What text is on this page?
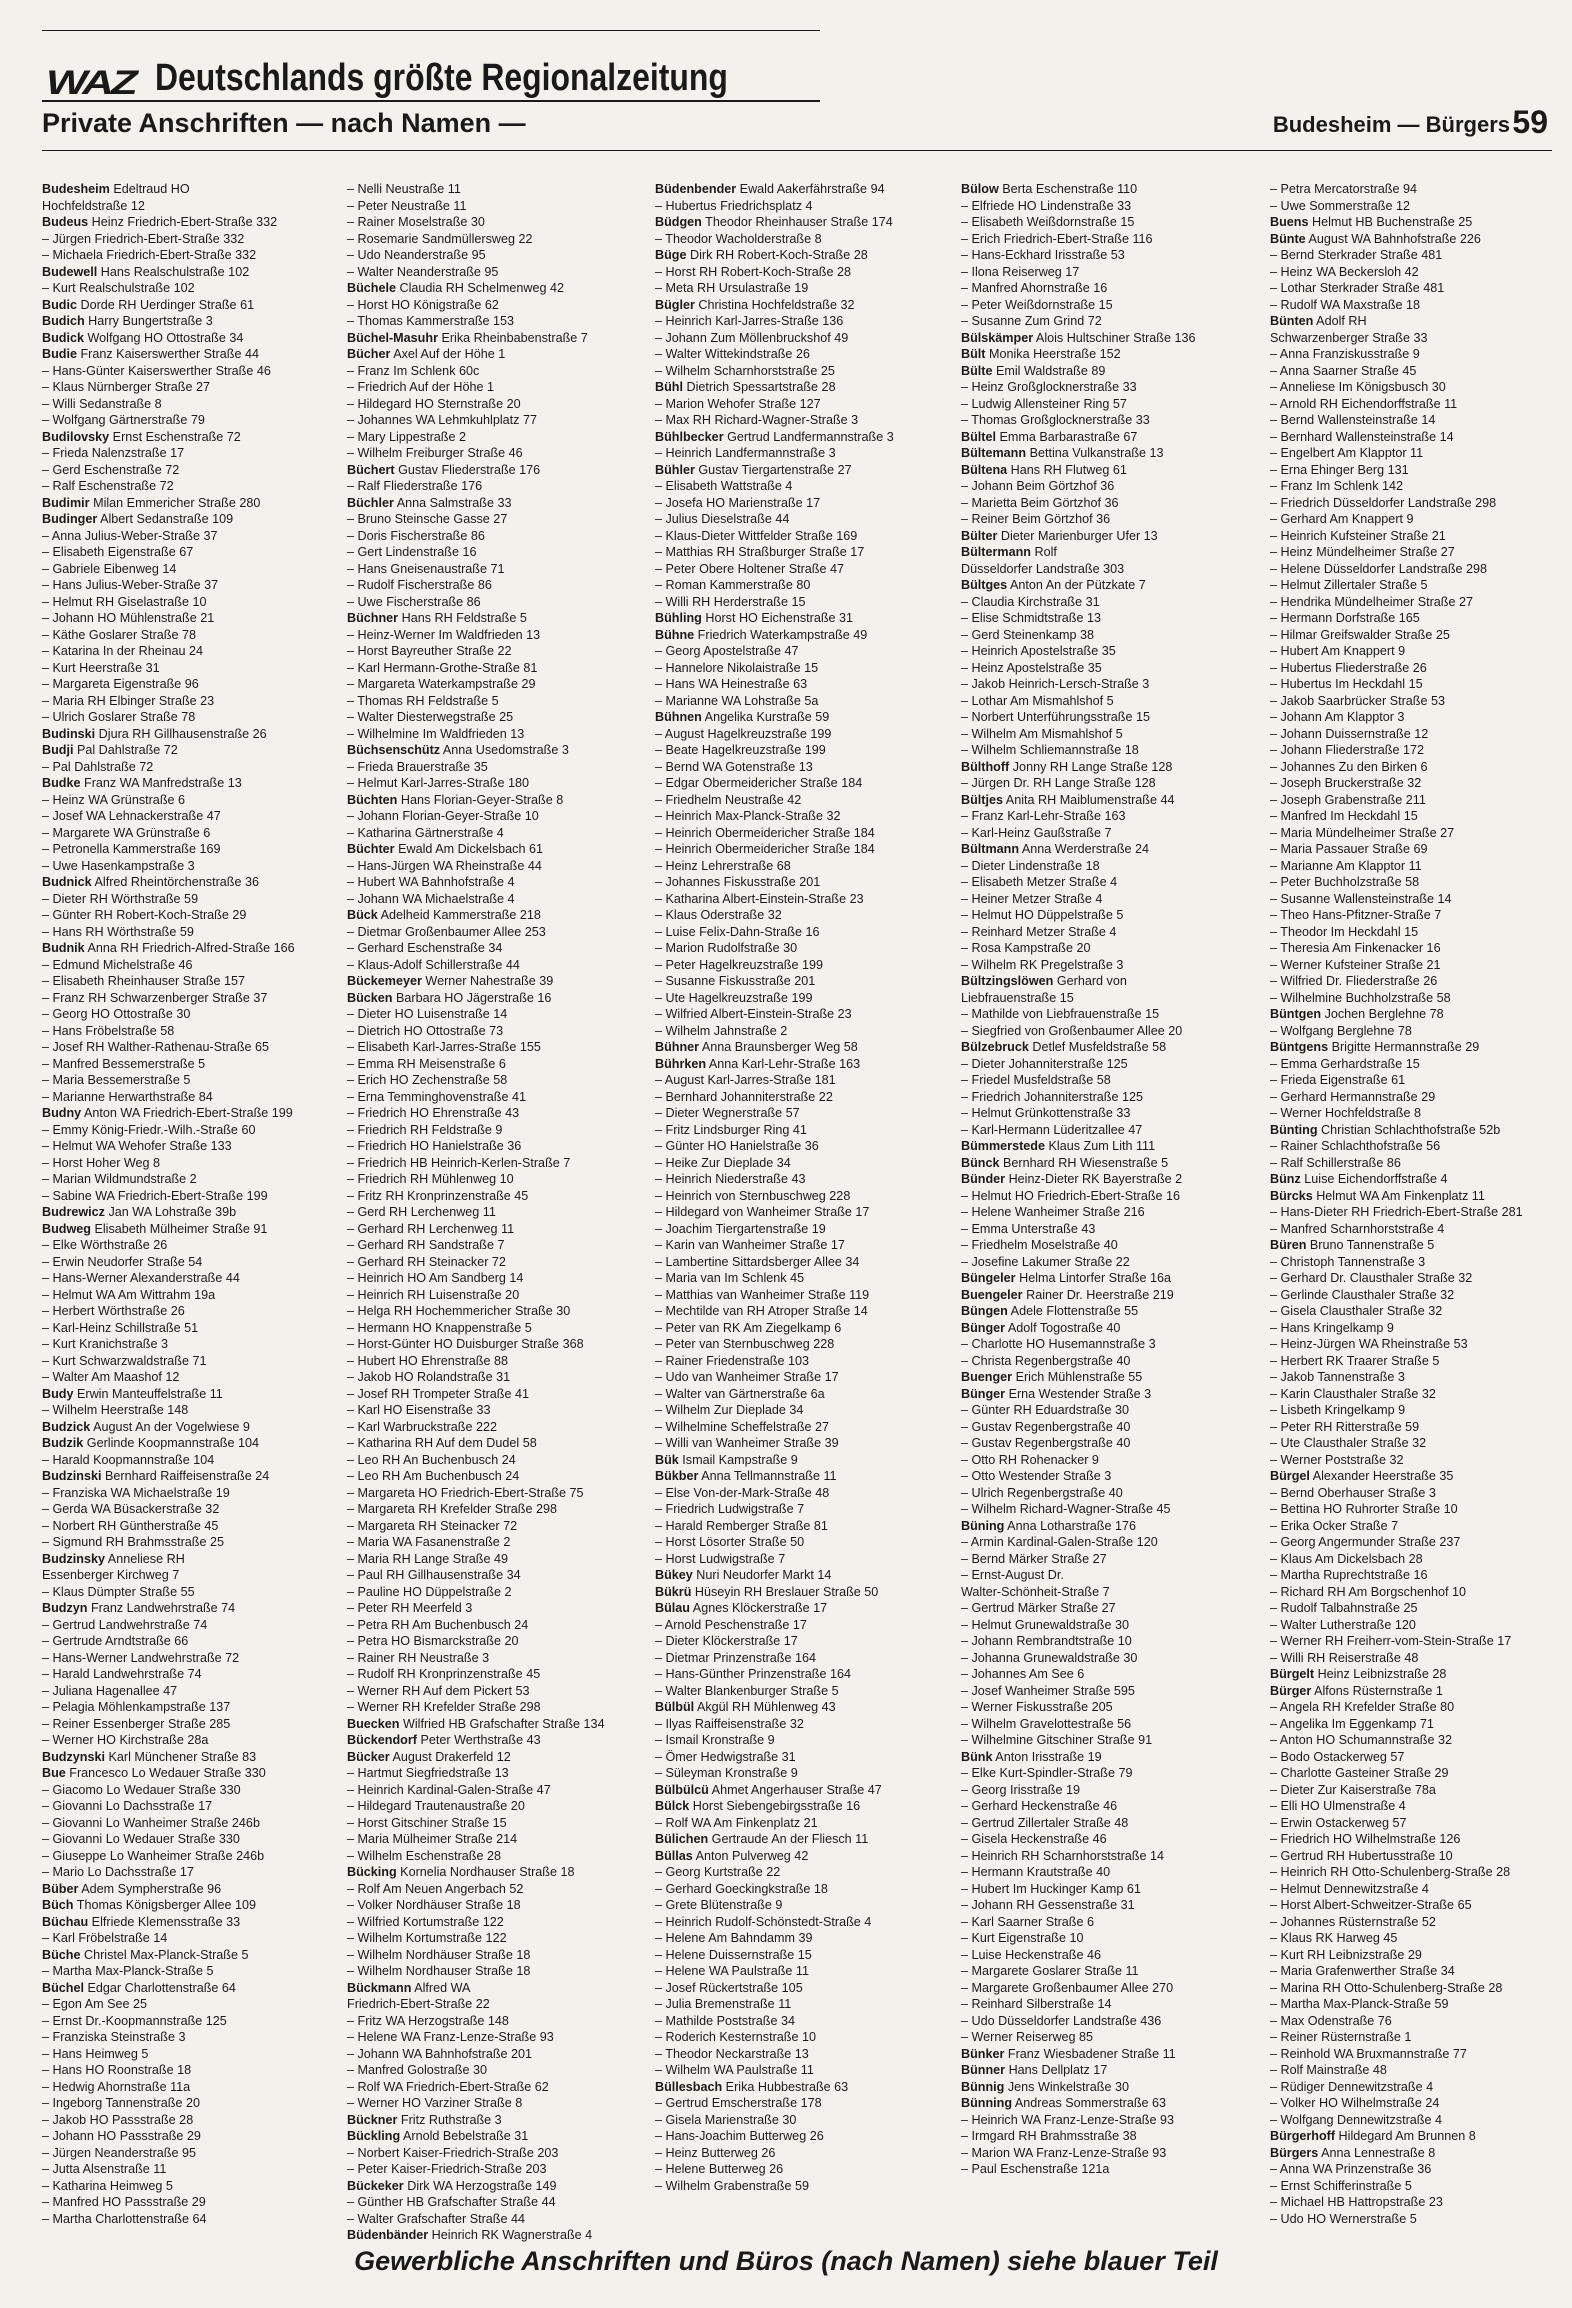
WAZ Deutschlands größte Regionalzeitung
Private Anschriften — nach Namen —	Budesheim — Bürgers 59
Budesheim Edeltraud HO
Hochfeldstraße 12
Budeus Heinz Friedrich-Ebert-Straße 332
– Jürgen Friedrich-Ebert-Straße 332
– Michaela Friedrich-Ebert-Straße 332
Budewell Hans Realschulstraße 102
– Kurt Realschulstraße 102
Budic Dorde RH Uerdinger Straße 61
Budich Harry Bungertstraße 3
Budick Wolfgang HO Ottostraße 34
Budie Franz Kaiserswerther Straße 44
– Hans-Günter Kaiserswerther Straße 46
– Klaus Nürnberger Straße 27
– Willi Sedanstraße 8
– Wolfgang Gärtnerstraße 79
Budilovsky Ernst Eschenstraße 72
– Frieda Nalenzstraße 17
– Gerd Eschenstraße 72
– Ralf Eschenstraße 72
Budimir Milan Emmericher Straße 280
Budinger Albert Sedanstraße 109
– Anna Julius-Weber-Straße 37
– Elisabeth Eigenstraße 67
– Gabriele Eibenweg 14
– Hans Julius-Weber-Straße 37
– Helmut RH Giselastraße 10
– Johann HO Mühlenstraße 21
– Käthe Goslarer Straße 78
– Katarina In der Rheinau 24
– Kurt Heerstraße 31
– Margareta Eigenstraße 96
– Maria RH Elbinger Straße 23
– Ulrich Goslarer Straße 78
Budinski Djura RH Gillhausenstraße 26
Budji Pal Dahlstraße 72
– Pal Dahlstraße 72
Budke Franz WA Manfredstraße 13
– Heinz WA Grünstraße 6
– Josef WA Lehnackerstraße 47
– Margarete WA Grünstraße 6
– Petronella Kammerstraße 169
– Uwe Hasenkampstraße 3
Budnick Alfred Rheintörchenstraße 36
– Dieter RH Wörthstraße 59
– Günter RH Robert-Koch-Straße 29
– Hans RH Wörthstraße 59
Budnik Anna RH Friedrich-Alfred-Straße 166
– Edmund Michelstraße 46
– Elisabeth Rheinhauser Straße 157
– Franz RH Schwarzenberger Straße 37
– Georg HO Ottostraße 30
– Hans Fröbelstraße 58
– Josef RH Walther-Rathenau-Straße 65
– Manfred Bessemerstraße 5
– Maria Bessemerstraße 5
– Marianne Herwarthstraße 84
Budny Anton WA Friedrich-Ebert-Straße 199
– Emmy König-Friedr.-Wilh.-Straße 60
– Helmut WA Wehofer Straße 133
– Horst Hoher Weg 8
– Marian Wildmundstraße 2
– Sabine WA Friedrich-Ebert-Straße 199
Budrewicz Jan WA Lohstraße 39b
Budweg Elisabeth Mülheimer Straße 91
– Elke Wörthstraße 26
– Erwin Neudorfer Straße 54
– Hans-Werner Alexanderstraße 44
– Helmut WA Am Wittrahm 19a
– Herbert Wörthstraße 26
– Karl-Heinz Schillstraße 51
– Kurt Kranichstraße 3
– Kurt Schwarzwaldstraße 71
– Walter Am Maashof 12
Budy Erwin Manteuffelstraße 11
– Wilhelm Heerstraße 148
Budzick August An der Vogelwiese 9
Budzik Gerlinde Koopmannstraße 104
– Harald Koopmannstraße 104
Budzinski Bernhard Raiffeisenstraße 24
– Franziska WA Michaelstraße 19
– Gerda WA Büsackerstraße 32
– Norbert RH Güntherstraße 45
– Sigmund RH Brahmsstraße 25
Budzinsky Anneliese RH
Essenberger Kirchweg 7
– Klaus Dümpter Straße 55
Budzyn Franz Landwehrstraße 74
– Gertrud Landwehrstraße 74
– Gertrude Arndtstraße 66
– Hans-Werner Landwehrstraße 72
– Harald Landwehrstraße 74
– Juliana Hagenallee 47
– Pelagia Möhlenkampstraße 137
– Reiner Essenberger Straße 285
– Werner HO Kirchstraße 28a
Budzynski Karl Münchener Straße 83
Bue Francesco Lo Wedauer Straße 330
– Giacomo Lo Wedauer Straße 330
– Giovanni Lo Dachsstraße 17
– Giovanni Lo Wanheimer Straße 246b
– Giovanni Lo Wedauer Straße 330
– Giuseppe Lo Wanheimer Straße 246b
– Mario Lo Dachsstraße 17
Büber Adem Sympherstraße 96
Büch Thomas Königsberger Allee 109
Büchau Elfriede Klemensstraße 33
– Karl Fröbelstraße 14
Büche Christel Max-Planck-Straße 5
– Martha Max-Planck-Straße 5
Büchel Edgar Charlottenstraße 64
– Egon Am See 25
– Ernst Dr.-Koopmannstraße 125
– Franziska Steinstraße 3
– Hans Heimweg 5
– Hans HO Roonstraße 18
– Hedwig Ahornstraße 11a
– Ingeborg Tannenstraße 20
– Jakob HO Passstraße 28
– Johann HO Passstraße 29
– Jürgen Neanderstraße 95
– Jutta Alsenstraße 11
– Katharina Heimweg 5
– Manfred HO Passstraße 29
– Martha Charlottenstraße 64
– Nelli Neustraße 11
– Peter Neustraße 11
– Rainer Moselstraße 30
– Rosemarie Sandmüllersweg 22
– Udo Neanderstraße 95
– Walter Neanderstraße 95
Büchele Claudia RH Schelmenweg 42
– Horst HO Königstraße 62
– Thomas Kammerstraße 153
Büchel-Masuhr Erika Rheinbabenstraße 7
Bücher Axel Auf der Höhe 1
– Franz Im Schlenk 60c
– Friedrich Auf der Höhe 1
– Hildegard HO Sternstraße 20
– Johannes WA Lehmkuhlplatz 77
– Mary Lippestraße 2
– Wilhelm Freiburger Straße 46
Büchert Gustav Fliederstraße 176
– Ralf Fliederstraße 176
Büchler Anna Salmstraße 33
– Bruno Steinsche Gasse 27
– Doris Fischerstraße 86
– Gert Lindenstraße 16
– Hans Gneisenaustraße 71
– Rudolf Fischerstraße 86
– Uwe Fischerstraße 86
Büchner Hans RH Feldstraße 5
– Heinz-Werner Im Waldfrieden 13
– Horst Bayreuther Straße 22
– Karl Hermann-Grothe-Straße 81
– Margareta Waterkampstraße 29
– Thomas RH Feldstraße 5
– Walter Diesterwegstraße 25
– Wilhelmine Im Waldfrieden 13
Büchsenschütz Anna Usedomstraße 3
– Frieda Brauerstraße 35
– Helmut Karl-Jarres-Straße 180
Büchten Hans Florian-Geyer-Straße 8
– Johann Florian-Geyer-Straße 10
– Katharina Gärtnerstraße 4
Büchter Ewald Am Dickelsbach 61
– Hans-Jürgen WA Rheinstraße 44
– Hubert WA Bahnhofstraße 4
– Johann WA Michaelstraße 4
Bück Adelheid Kammerstraße 218
– Dietmar Großenbaumer Allee 253
– Gerhard Eschenstraße 34
– Klaus-Adolf Schillerstraße 44
Bückemeyer Werner Nahestraße 39
Bücken Barbara HO Jägerstraße 16
– Dieter HO Luisenstraße 14
– Dietrich HO Ottostraße 73
– Elisabeth Karl-Jarres-Straße 155
– Emma RH Meisenstraße 6
– Erich HO Zechenstraße 58
– Erna Temminghovenstraße 41
– Friedrich HO Ehrenstraße 43
– Friedrich RH Feldstraße 9
– Friedrich HO Hanielstraße 36
– Friedrich HB Heinrich-Kerlen-Straße 7
– Friedrich RH Mühlenweg 10
– Fritz RH Kronprinzenstraße 45
– Gerd RH Lerchenweg 11
– Gerhard RH Lerchenweg 11
– Gerhard RH Sandstraße 7
– Gerhard RH Steinacker 72
– Heinrich HO Am Sandberg 14
– Heinrich RH Luisenstraße 20
– Helga RH Hochemmericher Straße 30
– Hermann HO Knappenstraße 5
– Horst-Günter HO Duisburger Straße 368
– Hubert HO Ehrenstraße 88
– Jakob HO Rolandstraße 31
– Josef RH Trompeter Straße 41
– Karl HO Eisenstraße 33
– Karl Warbruckstraße 222
– Katharina RH Auf dem Dudel 58
– Leo RH An Buchenbusch 24
– Leo RH Am Buchenbusch 24
– Margareta HO Friedrich-Ebert-Straße 75
– Margareta RH Krefelder Straße 298
– Margareta RH Steinacker 72
– Maria WA Fasanenstraße 2
– Maria RH Lange Straße 49
– Paul RH Gillhausenstraße 34
– Pauline HO Düppelstraße 2
– Peter RH Meerfeld 3
– Petra RH Am Buchenbusch 24
– Petra HO Bismarckstraße 20
– Rainer RH Neustraße 3
– Rudolf RH Kronprinzenstraße 45
– Werner RH Auf dem Pickert 53
– Werner RH Krefelder Straße 298
Buecken Wilfried HB Grafschafter Straße 134
Bückendorf Peter Werthstraße 43
Bücker August Drakerfeld 12
– Hartmut Siegfriedstraße 13
– Heinrich Kardinal-Galen-Straße 47
– Hildegard Trautenaustraße 20
– Horst Gitschiner Straße 15
– Maria Mülheimer Straße 214
– Wilhelm Eschenstraße 28
Bücking Kornelia Nordhauser Straße 18
– Rolf Am Neuen Angerbach 52
– Volker Nordhäuser Straße 18
– Wilfried Kortumstraße 122
– Wilhelm Kortumstraße 122
– Wilhelm Nordhäuser Straße 18
– Wilhelm Nordhauser Straße 18
Bückmann Alfred WA
Friedrich-Ebert-Straße 22
– Fritz WA Herzogstraße 148
– Helene WA Franz-Lenze-Straße 93
– Johann WA Bahnhofstraße 201
– Manfred Golostraße 30
– Rolf WA Friedrich-Ebert-Straße 62
– Werner HO Varziner Straße 8
Bückner Fritz Ruthstraße 3
Bückling Arnold Bebelstraße 31
– Norbert Kaiser-Friedrich-Straße 203
– Peter Kaiser-Friedrich-Straße 203
Bückeker Dirk WA Herzogstraße 149
– Günther HB Grafschafter Straße 44
– Walter Grafschafter Straße 44
Büdenbänder Heinrich RK Wagnerstraße 4
Büdenbender Ewald Aakerfährstraße 94
– Hubertus Friedrichsplatz 4
Büdgen Theodor Rheinhauser Straße 174
– Theodor Wacholderstraße 8
Büge Dirk RH Robert-Koch-Straße 28
– Horst RH Robert-Koch-Straße 28
– Meta RH Ursulastraße 19
Bügler Christina Hochfeldstraße 32
– Heinrich Karl-Jarres-Straße 136
– Johann Zum Möllenbruckshof 49
– Walter Wittekindstraße 26
– Wilhelm Scharnhorststraße 25
Bühl Dietrich Spessartstraße 28
– Marion Wehofer Straße 127
– Max RH Richard-Wagner-Straße 3
Bühlbecker Gertrud Landfermannstraße 3
– Heinrich Landfermannstraße 3
Bühler Gustav Tiergartenstraße 27
– Elisabeth Wattstraße 4
– Josefa HO Marienstraße 17
– Julius Dieselstraße 44
– Klaus-Dieter Wittfelder Straße 169
– Matthias RH Straßburger Straße 17
– Peter Obere Holtener Straße 47
– Roman Kammerstraße 80
– Willi RH Herderstraße 15
Bühling Horst HO Eichenstraße 31
Bühne Friedrich Waterkampstraße 49
– Georg Apostelstraße 47
– Hannelore Nikolaistraße 15
– Hans WA Heinestraße 63
– Marianne WA Lohstraße 5a
Bühnen Angelika Kurstraße 59
– August Hagelkreuzstraße 199
– Beate Hagelkreuzstraße 199
– Bernd WA Gotenstraße 13
– Edgar Obermeidericher Straße 184
– Friedhelm Neustraße 42
– Heinrich Max-Planck-Straße 32
– Heinrich Obermeidericher Straße 184
– Heinrich Obermeidericher Straße 184
– Heinz Lehrerstraße 68
– Johannes Fiskusstraße 201
– Katharina Albert-Einstein-Straße 23
– Klaus Oderstraße 32
– Luise Felix-Dahn-Straße 16
– Marion Rudolfstraße 30
– Peter Hagelkreuzstraße 199
– Susanne Fiskusstraße 201
– Ute Hagelkreuzstraße 199
– Wilfried Albert-Einstein-Straße 23
– Wilhelm Jahnstraße 2
Bühner Anna Braunsberger Weg 58
Bührken Anna Karl-Lehr-Straße 163
– August Karl-Jarres-Straße 181
– Bernhard Johanniterstraße 22
– Dieter Wegnerstraße 57
– Fritz Lindsburger Ring 41
– Günter HO Hanielstraße 36
– Heike Zur Dieplade 34
– Heinrich Niederstraße 43
– Heinrich von Sternbuschweg 228
– Hildegard von Wanheimer Straße 17
– Joachim Tiergartenstraße 19
– Karin van Wanheimer Straße 17
– Lambertine Sittardsberger Allee 34
– Maria van Im Schlenk 45
– Matthias van Wanheimer Straße 119
– Mechtilde van RH Atroper Straße 14
– Peter van RK Am Ziegelkamp 6
– Peter van Sternbuschweg 228
– Rainer Friedenstraße 103
– Udo van Wanheimer Straße 17
– Walter van Gärtnerstraße 6a
– Wilhelm Zur Dieplade 34
– Wilhelmine Scheffelstraße 27
– Willi van Wanheimer Straße 39
Bük Ismail Kampstraße 9
Bükber Anna Tellmannstraße 11
– Else Von-der-Mark-Straße 48
– Friedrich Ludwigstraße 7
– Harald Remberger Straße 81
– Horst Lösorter Straße 50
– Horst Ludwigstraße 7
Bükey Nuri Neudorfer Markt 14
Bükrü Hüseyin RH Breslauer Straße 50
Bülau Agnes Klöckerstraße 17
– Arnold Peschenstraße 17
– Dieter Klöckerstraße 17
– Dietmar Prinzenstraße 164
– Hans-Günther Prinzenstraße 164
– Walter Blankenburger Straße 5
Bülbül Akgül RH Mühlenweg 43
– Ilyas Raiffeisenstraße 32
– Ismail Kronstraße 9
– Ömer Hedwigstraße 31
– Süleyman Kronstraße 9
Bülbülcü Ahmet Angerhauser Straße 47
Bülck Horst Siebengebirgsstraße 16
– Rolf WA Am Finkenplatz 21
Bülichen Gertraude An der Fliesch 11
Büllas Anton Pulverweg 42
– Georg Kurtstraße 22
– Gerhard Goeckingkstraße 18
– Grete Blütenstraße 9
– Heinrich Rudolf-Schönstedt-Straße 4
– Helene Am Bahndamm 39
– Helene Duissernstraße 15
– Helene WA Paulstraße 11
– Josef Rückertstraße 105
– Julia Bremenstraße 11
– Mathilde Poststraße 34
– Roderich Kesternstraße 10
– Theodor Neckarstraße 13
– Wilhelm WA Paulstraße 11
Büllesbach Erika Hubbestraße 63
– Gertrud Emscherstraße 178
– Gisela Marienstraße 30
– Hans-Joachim Butterweg 26
– Heinz Butterweg 26
– Helene Butterweg 26
– Wilhelm Grabenstraße 59
Bülow Berta Eschenstraße 110
– Elfriede HO Lindenstraße 33
– Elisabeth Weißdornstraße 15
– Erich Friedrich-Ebert-Straße 116
– Hans-Eckhard Irisstraße 53
– Ilona Reiserweg 17
– Manfred Ahornstraße 16
– Peter Weißdornstraße 15
– Susanne Zum Grind 72
Bülskämper Alois Hultschiner Straße 136
Bült Monika Heerstraße 152
Bülte Emil Waldstraße 89
– Heinz Großglocknerstraße 33
– Ludwig Allensteiner Ring 57
– Thomas Großglocknerstraße 33
Bültel Emma Barbarastraße 67
Bültemann Bettina Vulkanstraße 13
Bültena Hans RH Flutweg 61
– Johann Beim Görtzhof 36
– Marietta Beim Görtzhof 36
– Reiner Beim Görtzhof 36
Bülter Dieter Marienburger Ufer 13
Bültermann Rolf
Düsseldorfer Landstraße 303
Bültges Anton An der Pützkate 7
– Claudia Kirchstraße 31
– Elise Schmidtstraße 13
– Gerd Steinenkamp 38
– Heinrich Apostelstraße 35
– Heinz Apostelstraße 35
– Jakob Heinrich-Lersch-Straße 3
– Lothar Am Mismahlshof 5
– Norbert Unterführungsstraße 15
– Wilhelm Am Mismahlshof 5
– Wilhelm Schliemannstraße 18
Bülthoff Jonny RH Lange Straße 128
– Jürgen Dr. RH Lange Straße 128
Bültjes Anita RH Maiblumenstraße 44
– Franz Karl-Lehr-Straße 163
– Karl-Heinz Gaußstraße 7
Bültmann Anna Werderstraße 24
– Dieter Lindenstraße 18
– Elisabeth Metzer Straße 4
– Heiner Metzer Straße 4
– Helmut HO Düppelstraße 5
– Reinhard Metzer Straße 4
– Rosa Kampstraße 20
– Wilhelm RK Pregelstraße 3
Bültzingslöwen Gerhard von
Liebfrauenstraße 15
– Mathilde von Liebfrauenstraße 15
– Siegfried von Großenbaumer Allee 20
Bülzebruck Detlef Musfeldstraße 58
– Dieter Johanniterstraße 125
– Friedel Musfeldstraße 58
– Friedrich Johanniterstraße 125
– Helmut Grünkottenstraße 33
– Karl-Hermann Lüderitzallee 47
Bümmerstede Klaus Zum Lith 111
Bünck Bernhard RH Wiesenstraße 5
Bünder Heinz-Dieter RK Bayerstraße 2
– Helmut HO Friedrich-Ebert-Straße 16
– Helene Wanheimer Straße 216
– Emma Unterstraße 43
– Friedhelm Moselstraße 40
– Josefine Lakumer Straße 22
Büngeler Helma Lintorfer Straße 16a
Buengeler Rainer Dr. Heerstraße 219
Büngen Adele Flottenstraße 55
Bünger Adolf Togostraße 40
– Charlotte HO Husemannstraße 3
– Christa Regenbergstraße 40
Buenger Erich Mühlenstraße 55
Bünger Erna Westender Straße 3
– Günter RH Eduardstraße 30
– Gustav Regenbergstraße 40
– Gustav Regenbergstraße 40
– Otto RH Rohenacker 9
– Otto Westender Straße 3
– Ulrich Regenbergstraße 40
– Wilhelm Richard-Wagner-Straße 45
Büning Anna Lotharstraße 176
– Armin Kardinal-Galen-Straße 120
– Bernd Märker Straße 27
– Ernst-August Dr.
Walter-Schönheit-Straße 7
– Gertrud Märker Straße 27
– Helmut Grunewaldstraße 30
– Johann Rembrandtstraße 10
– Johanna Grunewaldstraße 30
– Johannes Am See 6
– Josef Wanheimer Straße 595
– Werner Fiskusstraße 205
– Wilhelm Gravelottestraße 56
– Wilhelmine Gitschiner Straße 91
Bünk Anton Irisstraße 19
– Elke Kurt-Spindler-Straße 79
– Georg Irisstraße 19
– Gerhard Heckenstraße 46
– Gertrud Zillertaler Straße 48
– Gisela Heckenstraße 46
– Heinrich RH Scharnhorststraße 14
– Hermann Krautstraße 40
– Hubert Im Huckinger Kamp 61
– Johann RH Gessenstraße 31
– Karl Saarner Straße 6
– Kurt Eigenstraße 10
– Luise Heckenstraße 46
– Margarete Goslarer Straße 11
– Margarete Großenbaumer Allee 270
– Reinhard Silberstraße 14
– Udo Düsseldorfer Landstraße 436
– Werner Reiserweg 85
Bünker Franz Wiesbadener Straße 11
Bünner Hans Dellplatz 17
Bünnig Jens Winkelstraße 30
Bünning Andreas Sommerstraße 63
– Heinrich WA Franz-Lenze-Straße 93
– Irmgard RH Brahmsstraße 38
– Marion WA Franz-Lenze-Straße 93
– Paul Eschenstraße 121a
– Petra Mercatorstraße 94
– Uwe Sommerstraße 12
Buens Helmut HB Buchenstraße 25
Bünte August WA Bahnhofstraße 226
– Bernd Sterkrader Straße 481
– Heinz WA Beckersloh 42
– Lothar Sterkrader Straße 481
– Rudolf WA Maxstraße 18
Bünten Adolf RH
Schwarzenberger Straße 33
– Anna Franziskusstraße 9
– Anna Saarner Straße 45
– Anneliese Im Königsbusch 30
– Arnold RH Eichendorffstraße 11
– Bernd Wallensteinstraße 14
– Bernhard Wallensteinstraße 14
– Engelbert Am Klapptor 11
– Erna Ehinger Berg 131
– Franz Im Schlenk 142
– Friedrich Düsseldorfer Landstraße 298
– Gerhard Am Knappert 9
– Heinrich Kufsteiner Straße 21
– Heinz Mündelheimer Straße 27
– Helene Düsseldorfer Landstraße 298
– Helmut Zillertaler Straße 5
– Hendrika Mündelheimer Straße 27
– Hermann Dorfstraße 165
– Hilmar Greifswalder Straße 25
– Hubert Am Knappert 9
– Hubertus Fliederstraße 26
– Hubertus Im Heckdahl 15
– Jakob Saarbrücker Straße 53
– Johann Am Klapptor 3
– Johann Duissernstraße 12
– Johann Fliederstraße 172
– Johannes Zu den Birken 6
– Joseph Bruckerstraße 32
– Joseph Grabenstraße 211
– Manfred Im Heckdahl 15
– Maria Mündelheimer Straße 27
– Maria Passauer Straße 69
– Marianne Am Klapptor 11
– Peter Buchholzstraße 58
– Susanne Wallensteinstraße 14
– Theo Hans-Pfitzner-Straße 7
– Theodor Im Heckdahl 15
– Theresia Am Finkenacker 16
– Werner Kufsteiner Straße 21
– Wilfried Dr. Fliederstraße 26
– Wilhelmine Buchholzstraße 58
Büntgen Jochen Berglehne 78
– Wolfgang Berglehne 78
Büntgens Brigitte Hermannstraße 29
– Emma Gerhardstraße 15
– Frieda Eigenstraße 61
– Gerhard Hermannstraße 29
– Werner Hochfeldstraße 8
Bünting Christian Schlachthofstraße 52b
– Rainer Schlachthofstraße 56
– Ralf Schillerstraße 86
Bünz Luise Eichendorffstraße 4
Bürcks Helmut WA Am Finkenplatz 11
– Hans-Dieter RH Friedrich-Ebert-Straße 281
– Manfred Scharnhorststraße 4
Büren Bruno Tannenstraße 5
– Christoph Tannenstraße 3
– Gerhard Dr. Clausthaler Straße 32
– Gerlinde Clausthaler Straße 32
– Gisela Clausthaler Straße 32
– Hans Kringelkamp 9
– Heinz-Jürgen WA Rheinstraße 53
– Herbert RK Traarer Straße 5
– Jakob Tannenstraße 3
– Karin Clausthaler Straße 32
– Lisbeth Kringelkamp 9
– Peter RH Ritterstraße 59
– Ute Clausthaler Straße 32
– Werner Poststraße 32
Bürgel Alexander Heerstraße 35
– Bernd Oberhauser Straße 3
– Bettina HO Ruhrorter Straße 10
– Erika Ocker Straße 7
– Georg Angermunder Straße 237
– Klaus Am Dickelsbach 28
– Martha Ruprechtstraße 16
– Richard RH Am Borgschenhof 10
– Rudolf Talbahnstraße 25
– Walter Lutherstraße 120
– Werner RH Freiherr-vom-Stein-Straße 17
– Willi RH Reiserstraße 48
Bürgelt Heinz Leibnizstraße 28
Bürger Alfons Rüsternstraße 1
– Angela RH Krefelder Straße 80
– Angelika Im Eggenkamp 71
– Anton HO Schumannstraße 32
– Bodo Ostackerweg 57
– Charlotte Gasteiner Straße 29
– Dieter Zur Kaiserstraße 78a
– Elli HO Ulmenstraße 4
– Erwin Ostackerweg 57
– Friedrich HO Wilhelmstraße 126
– Gertrud RH Hubertusstraße 10
– Heinrich RH Otto-Schulenberg-Straße 28
– Helmut Dennewitzstraße 4
– Horst Albert-Schweitzer-Straße 65
– Johannes Rüsternstraße 52
– Klaus RK Harweg 45
– Kurt RH Leibnizstraße 29
– Maria Grafenwerther Straße 34
– Marina RH Otto-Schulenberg-Straße 28
– Martha Max-Planck-Straße 59
– Max Odenstraße 76
– Reiner Rüsternstraße 1
– Reinhold WA Bruxmannstraße 77
– Rolf Mainstraße 48
– Rüdiger Dennewitzstraße 4
– Volker HO Wilhelmstraße 24
– Wolfgang Dennewitzstraße 4
Bürgerhoff Hildegard Am Brunnen 8
Bürgers Anna Lennestraße 8
– Anna WA Prinzenstraße 36
– Ernst Schifferinstraße 5
– Michael HB Hattropstraße 23
– Udo HO Wernerstraße 5
Gewerbliche Anschriften und Büros (nach Namen) siehe blauer Teil
